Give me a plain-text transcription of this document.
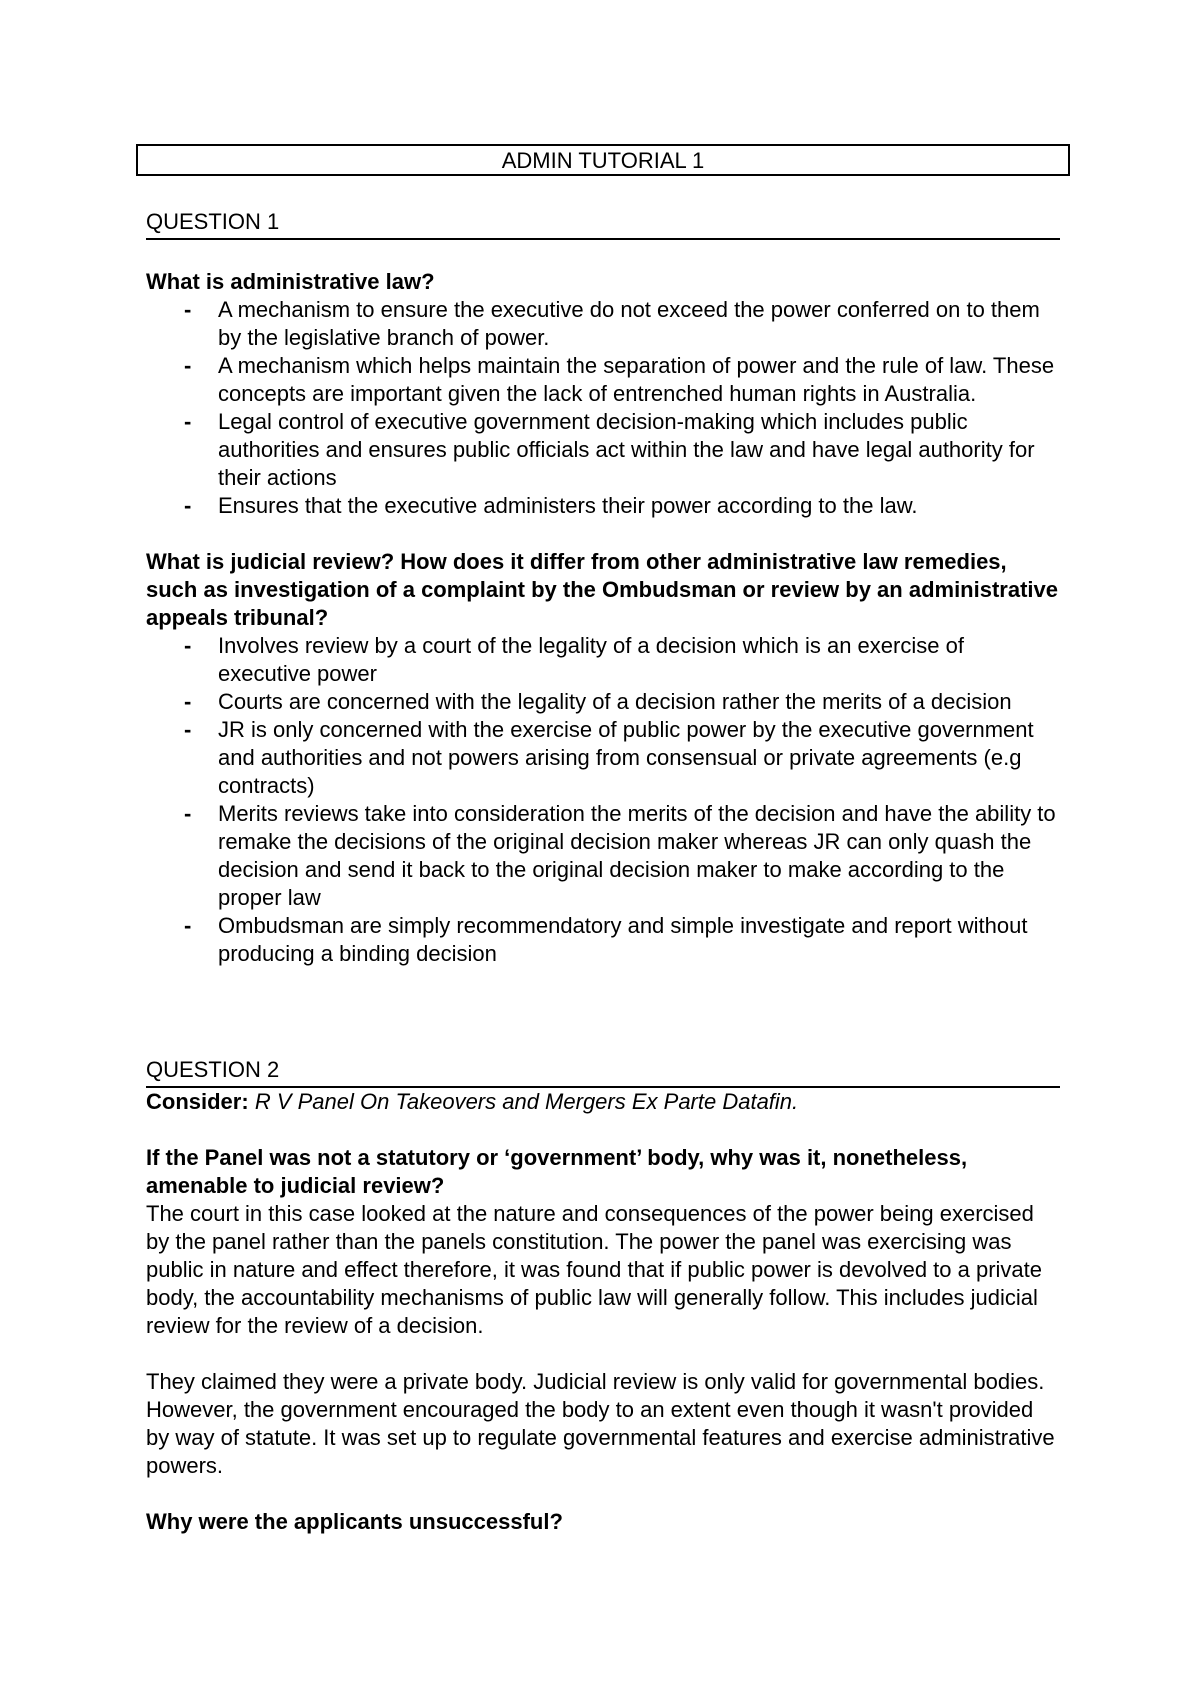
ADMIN TUTORIAL 1
QUESTION 1
What is administrative law?
- A mechanism to ensure the executive do not exceed the power conferred on to them by the legislative branch of power.
- A mechanism which helps maintain the separation of power and the rule of law. These concepts are important given the lack of entrenched human rights in Australia.
- Legal control of executive government decision-making which includes public authorities and ensures public officials act within the law and have legal authority for their actions
- Ensures that the executive administers their power according to the law.
What is judicial review? How does it differ from other administrative law remedies, such as investigation of a complaint by the Ombudsman or review by an administrative appeals tribunal?
- Involves review by a court of the legality of a decision which is an exercise of executive power
- Courts are concerned with the legality of a decision rather the merits of a decision
- JR is only concerned with the exercise of public power by the executive government and authorities and not powers arising from consensual or private agreements (e.g contracts)
- Merits reviews take into consideration the merits of the decision and have the ability to remake the decisions of the original decision maker whereas JR can only quash the decision and send it back to the original decision maker to make according to the proper law
- Ombudsman are simply recommendatory and simple investigate and report without producing a binding decision
QUESTION 2
Consider: R V Panel On Takeovers and Mergers Ex Parte Datafin.
If the Panel was not a statutory or ‘government’ body, why was it, nonetheless, amenable to judicial review?

The court in this case looked at the nature and consequences of the power being exercised by the panel rather than the panels constitution. The power the panel was exercising was public in nature and effect therefore, it was found that if public power is devolved to a private body, the accountability mechanisms of public law will generally follow. This includes judicial review for the review of a decision.

They claimed they were a private body. Judicial review is only valid for governmental bodies. However, the government encouraged the body to an extent even though it wasn't provided by way of statute. It was set up to regulate governmental features and exercise administrative powers.

Why were the applicants unsuccessful?
